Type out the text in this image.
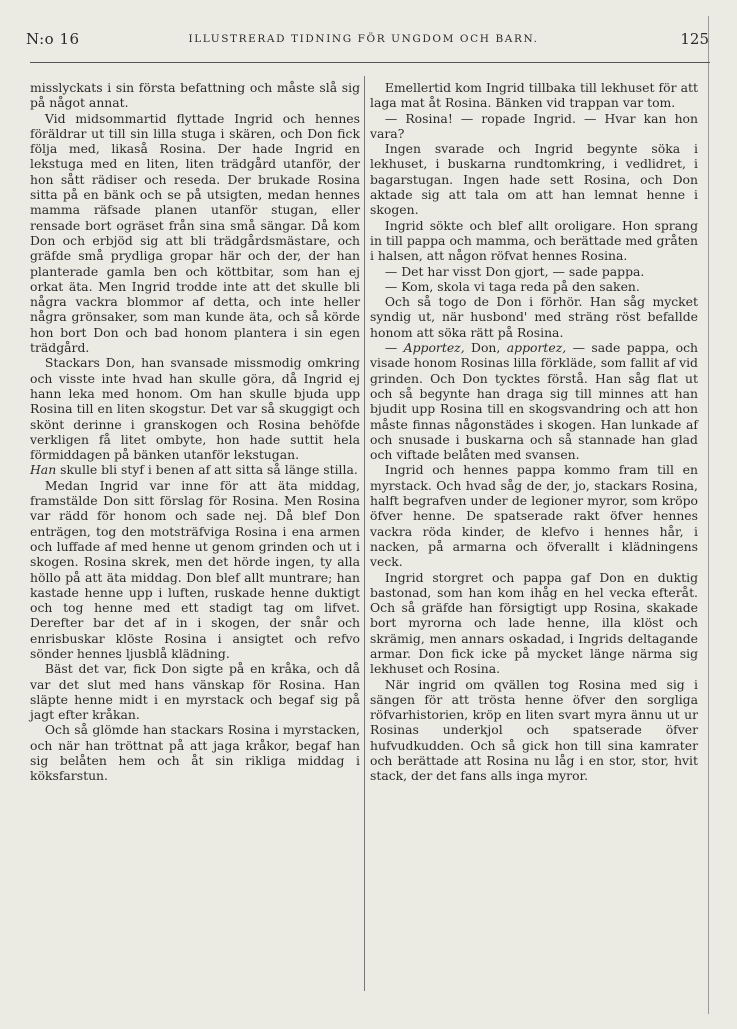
N:o 16	ILLUSTRERAD TIDNING FÖR UNGDOM OCH BARN.	125

misslyckats i sin första befattning och måste slå sig på något annat.

Vid midsommartid flyttade Ingrid och hennes föräldrar ut till sin lilla stuga i skären, och Don fick följa med, likaså Rosina. Der hade Ingrid en lekstuga med en liten, liten trädgård utanför, der hon sått rädiser och reseda. Der brukade Rosina sitta på en bänk och se på utsigten, medan hennes mamma räfsade planen utanför stugan, eller rensade bort ogräset från sina små sängar. Då kom Don och erbjöd sig att bli trädgårdsmästare, och gräfde små prydliga gropar här och der, der han planterade gamla ben och köttbitar, som han ej orkat äta. Men Ingrid trodde inte att det skulle bli några vackra blommor af detta, och inte heller några grönsaker, som man kunde äta, och så körde hon bort Don och bad honom plantera i sin egen trädgård.

Stackars Don, han svansade missmodig omkring och visste inte hvad han skulle göra, då Ingrid ej hann leka med honom. Om han skulle bjuda upp Rosina till en liten skogstur. Det var så skuggigt och skönt derinne i granskogen och Rosina behöfde verkligen få litet ombyte, hon hade suttit hela förmiddagen på bänken utanför lekstugan.

Han skulle bli styf i benen af att sitta så länge stilla.

Medan Ingrid var inne för att äta middag, framstälde Don sitt förslag för Rosina. Men Rosina var rädd för honom och sade nej. Då blef Don enträgen, tog den motsträfviga Rosina i ena armen och luffade af med henne ut genom grinden och ut i skogen. Rosina skrek, men det hörde ingen, ty alla höllo på att äta middag. Don blef allt muntrare; han kastade henne upp i luften, ruskade henne duktigt och tog henne med ett stadigt tag om lifvet. Derefter bar det af in i skogen, der snår och enrisbuskar klöste Rosina i ansigtet och refvo sönder hennes ljusblå klädning.

Bäst det var, fick Don sigte på en kråka, och då var det slut med hans vänskap för Rosina. Han släpte henne midt i en myrstack och begaf sig på jagt efter kråkan.

Och så glömde han stackars Rosina i myrstacken, och när han tröttnat på att jaga kråkor, begaf han sig belåten hem och åt sin rikliga middag i köksfarstun.

Emellertid kom Ingrid tillbaka till lekhuset för att laga mat åt Rosina. Bänken vid trappan var tom.

— Rosina! — ropade Ingrid. — Hvar kan hon vara?

Ingen svarade och Ingrid begynte söka i lekhuset, i buskarna rundtomkring, i vedlidret, i bagarstugan. Ingen hade sett Rosina, och Don aktade sig att tala om att han lemnat henne i skogen.

Ingrid sökte och blef allt oroligare. Hon sprang in till pappa och mamma, och berättade med gråten i halsen, att någon röfvat hennes Rosina.

— Det har visst Don gjort, — sade pappa.

— Kom, skola vi taga reda på den saken.

Och så togo de Don i förhör. Han såg mycket syndig ut, när husbond' med sträng röst befallde honom att söka rätt på Rosina.

— Apportez, Don, apportez, — sade pappa, och visade honom Rosinas lilla förkläde, som fallit af vid grinden. Och Don tycktes förstå. Han såg flat ut och så begynte han draga sig till minnes att han bjudit upp Rosina till en skogsvandring och att hon måste finnas någonstädes i skogen. Han lunkade af och snusade i buskarna och så stannade han glad och viftade belåten med svansen.

Ingrid och hennes pappa kommo fram till en myrstack. Och hvad såg de der, jo, stackars Rosina, halft begrafven under de legioner myror, som kröpo öfver henne. De spatserade rakt öfver hennes vackra röda kinder, de klefvo i hennes hår, i nacken, på armarna och öfverallt i klädningens veck.

Ingrid storgret och pappa gaf Don en duktig bastonad, som han kom ihåg en hel vecka efteråt. Och så gräfde han försigtigt upp Rosina, skakade bort myrorna och lade henne, illa klöst och skrämig, men annars oskadad, i Ingrids deltagande armar. Don fick icke på mycket länge närma sig lekhuset och Rosina.

När ingrid om qvällen tog Rosina med sig i sängen för att trösta henne öfver den sorgliga röfvarhistorien, kröp en liten svart myra ännu ut ur Rosinas underkjol och spatserade öfver hufvudkudden. Och så gick hon till sina kamrater och berättade att Rosina nu låg i en stor, stor, hvit stack, der det fans alls inga myror.
